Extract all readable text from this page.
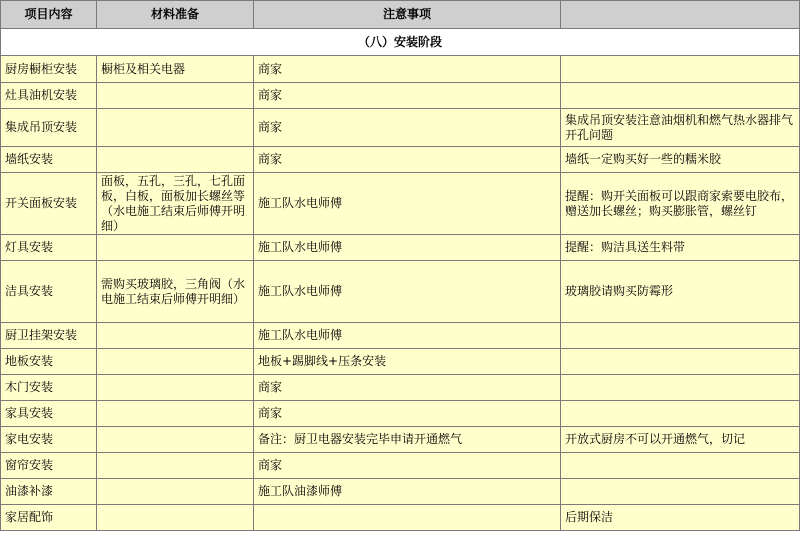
项目内容	材料准备	注意事项	
（八）安装阶段			
厨房橱柜安装	橱柜及相关电器	商家	
灶具油机安装		商家	
集成吊顶安装		商家	集成吊顶安装注意油烟机和燃气热水器排气开孔问题
墙纸安装		商家	墙纸一定购买好一些的糯米胶
开关面板安装	面板，五孔，三孔，七孔面板，白板，面板加长螺丝等（水电施工结束后师傅开明细）	施工队水电师傅	提醒：购开关面板可以跟商家索要电胶布，赠送加长螺丝；购买膨胀管，螺丝钉
灯具安装		施工队水电师傅	提醒：购洁具送生料带
洁具安装	需购买玻璃胶，三角阀（水电施工结束后师傅开明细）	施工队水电师傅	玻璃胶请购买防霉形
厨卫挂架安装		施工队水电师傅	
地板安装		地板+踢脚线+压条安装	
木门安装		商家	
家具安装		商家	
家电安装		备注：厨卫电器安装完毕申请开通燃气	开放式厨房不可以开通燃气，切记
窗帘安装		商家	
油漆补漆		施工队油漆师傅	
家居配饰			后期保洁
